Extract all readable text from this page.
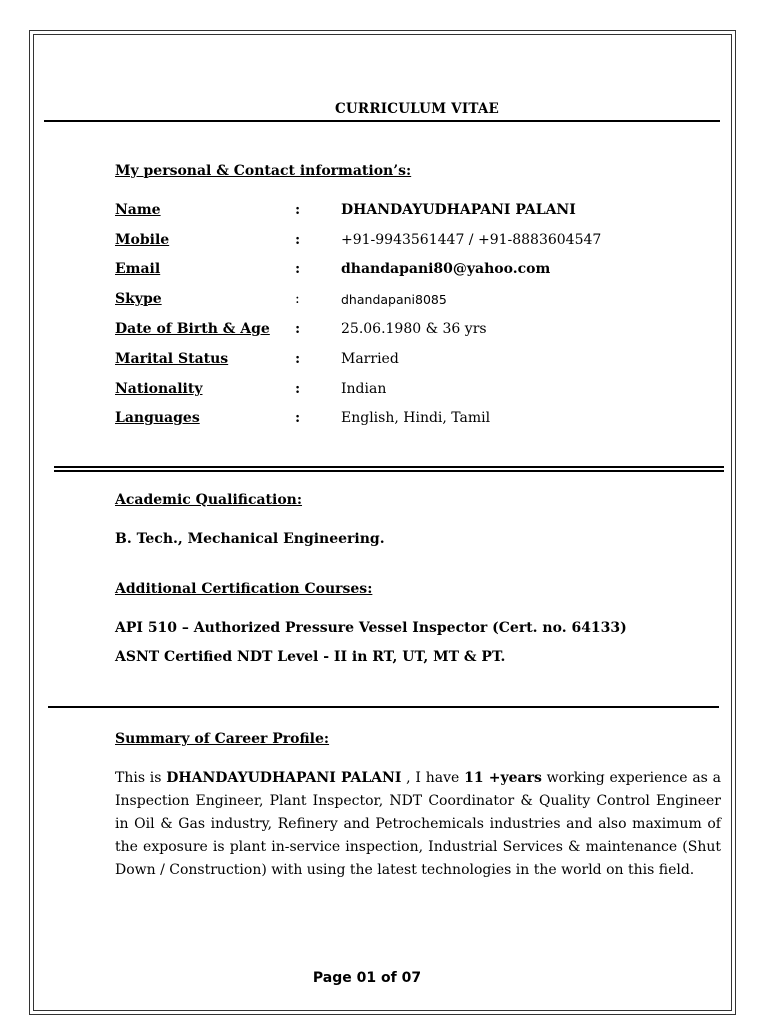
CURRICULUM VITAE
My personal & Contact information’s:
Name	:	DHANDAYUDHAPANI PALANI
Mobile	:	+91-9943561447 / +91-8883604547
Email	:	dhandapani80@yahoo.com
Skype	:	dhandapani8085
Date of Birth & Age :	25.06.1980 & 36 yrs
Marital Status	:	Married
Nationality	:	Indian
Languages	:	English, Hindi, Tamil
Academic Qualification:
B. Tech., Mechanical Engineering.
Additional Certification Courses:
API 510 – Authorized Pressure Vessel Inspector (Cert. no. 64133)
ASNT Certified NDT Level - II in RT, UT, MT & PT.
Summary of Career Profile:
This is DHANDAYUDHAPANI PALANI , I have 11 +years working experience as a Inspection Engineer, Plant Inspector, NDT Coordinator & Quality Control Engineer in Oil & Gas industry, Refinery and Petrochemicals industries and also maximum of the exposure is plant in-service inspection, Industrial Services & maintenance (Shut Down / Construction) with using the latest technologies in the world on this field.
Page 01 of 07
